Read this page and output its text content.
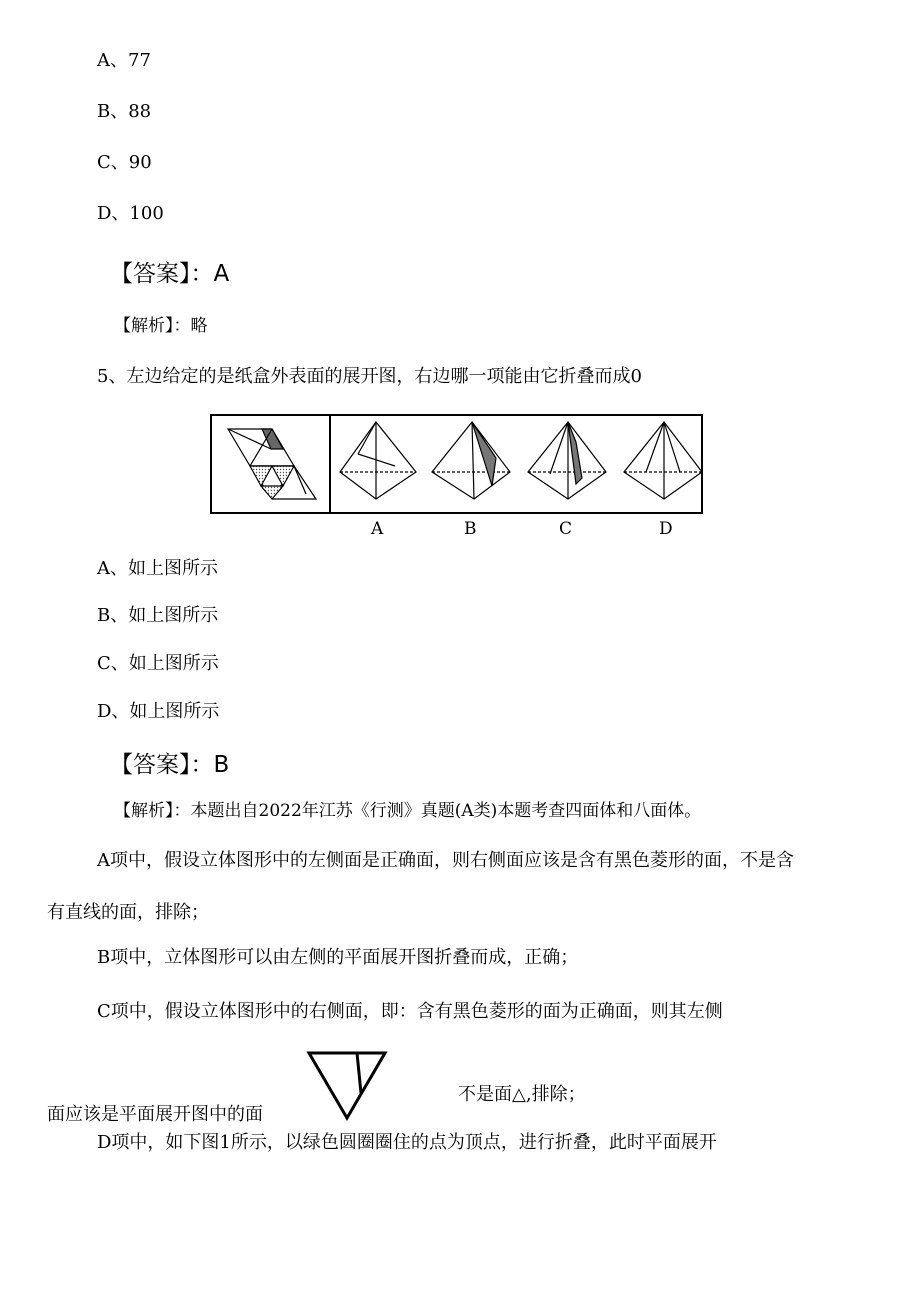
A、77
B、88
C、90
D、100
【答案】：A
【解析】：略
5、左边给定的是纸盒外表面的展开图，右边哪一项能由它折叠而成0
A	B	C	D
A、如上图所示
B、如上图所示
C、如上图所示
D、如上图所示
【答案】：B
【解析】：本题出自2022年江苏《行测》真题(A类)本题考查四面体和八面体。
A项中，假设立体图形中的左侧面是正确面，则右侧面应该是含有黑色菱形的面，不是含
有直线的面，排除；
B项中，立体图形可以由左侧的平面展开图折叠而成，正确；
C项中，假设立体图形中的右侧面，即：含有黑色菱形的面为正确面，则其左侧
面应该是平面展开图中的面
不是面△,排除；
D项中，如下图1所示，以绿色圆圈圈住的点为顶点，进行折叠，此时平面展开
